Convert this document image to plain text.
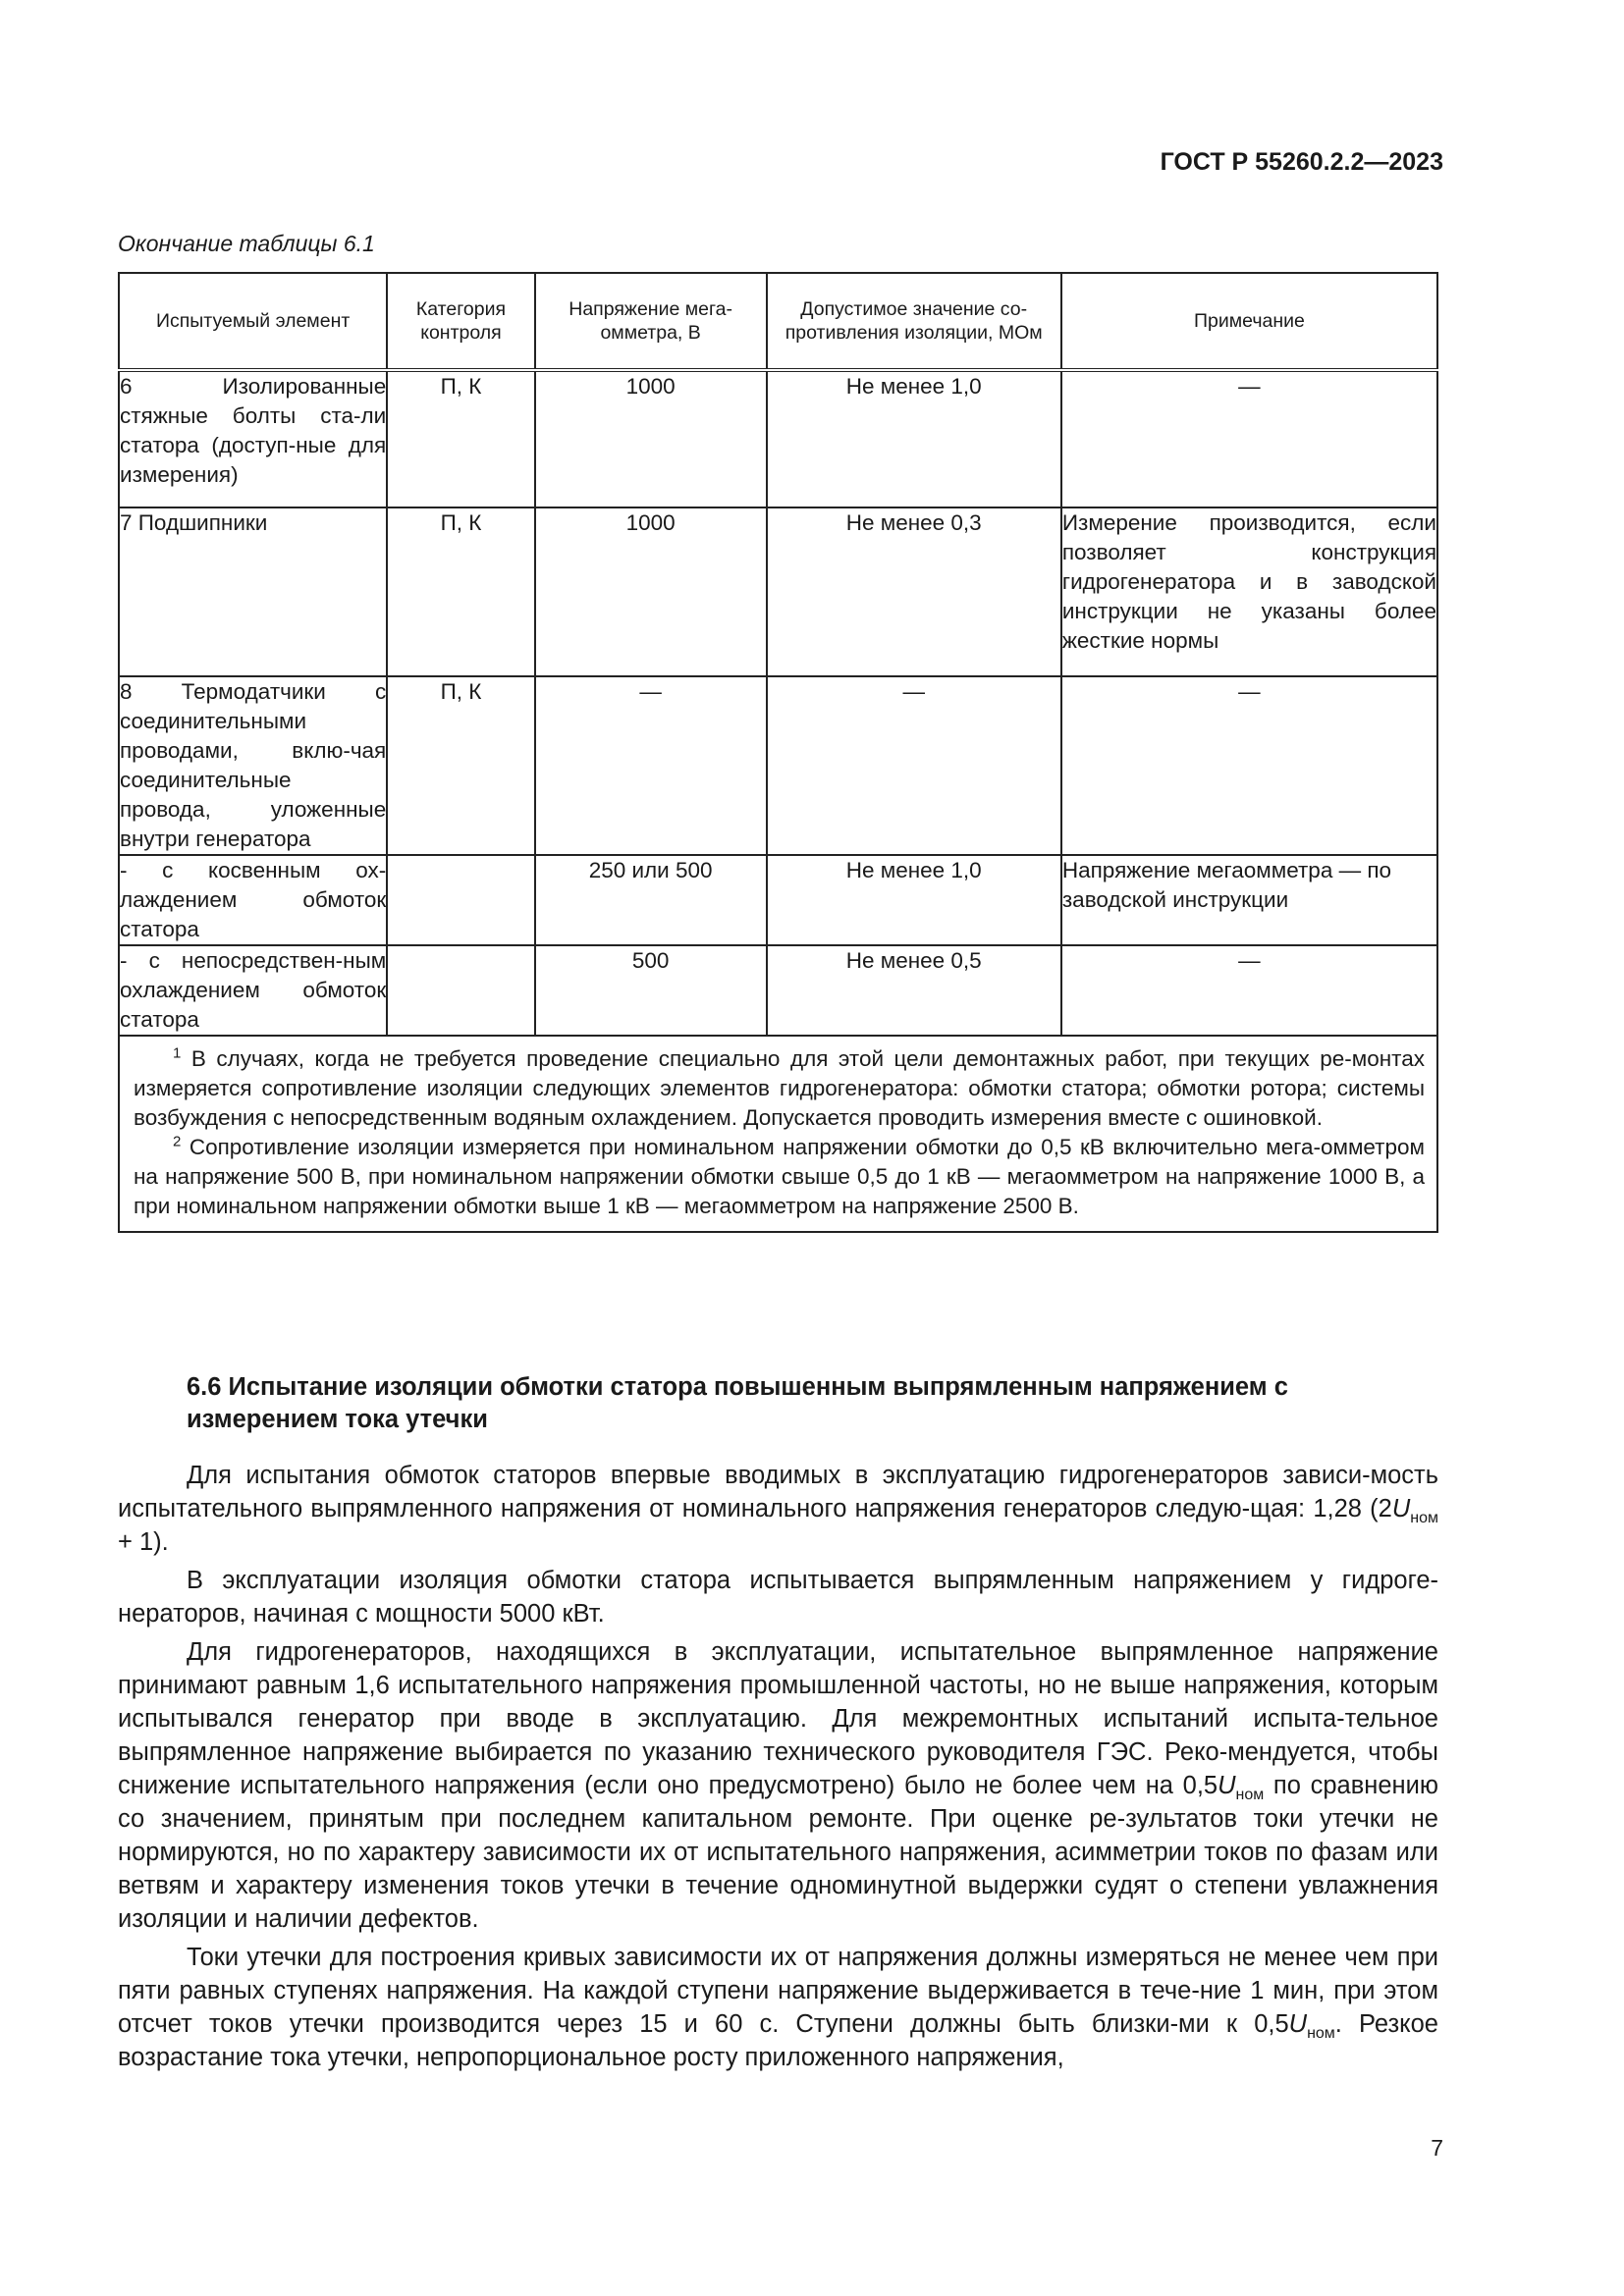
ГОСТ Р 55260.2.2—2023
Окончание таблицы 6.1
Испытуемый элемент	Категория контроля	Напряжение мега-омметра, В	Допустимое значение со-противления изоляции, МОм	Примечание
6 Изолированные стяжные болты ста-ли статора (доступ-ные для измерения)	П, К	1000	Не менее 1,0	—
7 Подшипники	П, К	1000	Не менее 0,3	Измерение производится, если позволяет конструкция гидрогенератора и в заводской инструкции не указаны более жесткие нормы
8 Термодатчики с соединительными проводами, вклю-чая соединительные провода, уложенные внутри генератора	П, К	—	—	—
- с косвенным ох-лаждением обмоток статора		250 или 500	Не менее 1,0	Напряжение мегаомметра — по заводской инструкции
- с непосредствен-ным охлаждением обмоток статора		500	Не менее 0,5	—

$^1$ В случаях, когда не требуется проведение специально для этой цели демонтажных работ, при текущих ре-монтах измеряется сопротивление изоляции следующих элементов гидрогенератора: обмотки статора; обмотки ротора; системы возбуждения с непосредственным водяным охлаждением. Допускается проводить измерения вместе с ошиновкой.

$^2$ Сопротивление изоляции измеряется при номинальном напряжении обмотки до 0,5 кВ включительно мега-омметром на напряжение 500 В, при номинальном напряжении обмотки свыше 0,5 до 1 кВ — мегаомметром на напряжение 1000 В, а при номинальном напряжении обмотки выше 1 кВ — мегаомметром на напряжение 2500 В.				

6.6 Испытание изоляции обмотки статора повышенным выпрямленным напряжением с измерением тока утечки

Для испытания обмоток статоров впервые вводимых в эксплуатацию гидрогенераторов зависи-мость испытательного выпрямленного напряжения от номинального напряжения генераторов следую-щая: 1,28 $(2U_{ном} + 1)$.

В эксплуатации изоляция обмотки статора испытывается выпрямленным напряжением у гидроге-нераторов, начиная с мощности 5000 кВт.

Для гидрогенераторов, находящихся в эксплуатации, испытательное выпрямленное напряжение принимают равным 1,6 испытательного напряжения промышленной частоты, но не выше напряжения, которым испытывался генератор при вводе в эксплуатацию. Для межремонтных испытаний испыта-тельное выпрямленное напряжение выбирается по указанию технического руководителя ГЭС. Реко-мендуется, чтобы снижение испытательного напряжения (если оно предусмотрено) было не более чем на $0,5U_{ном}$ по сравнению со значением, принятым при последнем капитальном ремонте. При оценке ре-зультатов токи утечки не нормируются, но по характеру зависимости их от испытательного напряжения, асимметрии токов по фазам или ветвям и характеру изменения токов утечки в течение одноминутной выдержки судят о степени увлажнения изоляции и наличии дефектов.

Токи утечки для построения кривых зависимости их от напряжения должны измеряться не менее чем при пяти равных ступенях напряжения. На каждой ступени напряжение выдерживается в тече-ние 1 мин, при этом отсчет токов утечки производится через 15 и 60 с. Ступени должны быть близки-ми к $0,5U_{ном}$. Резкое возрастание тока утечки, непропорциональное росту приложенного напряжения,

7
